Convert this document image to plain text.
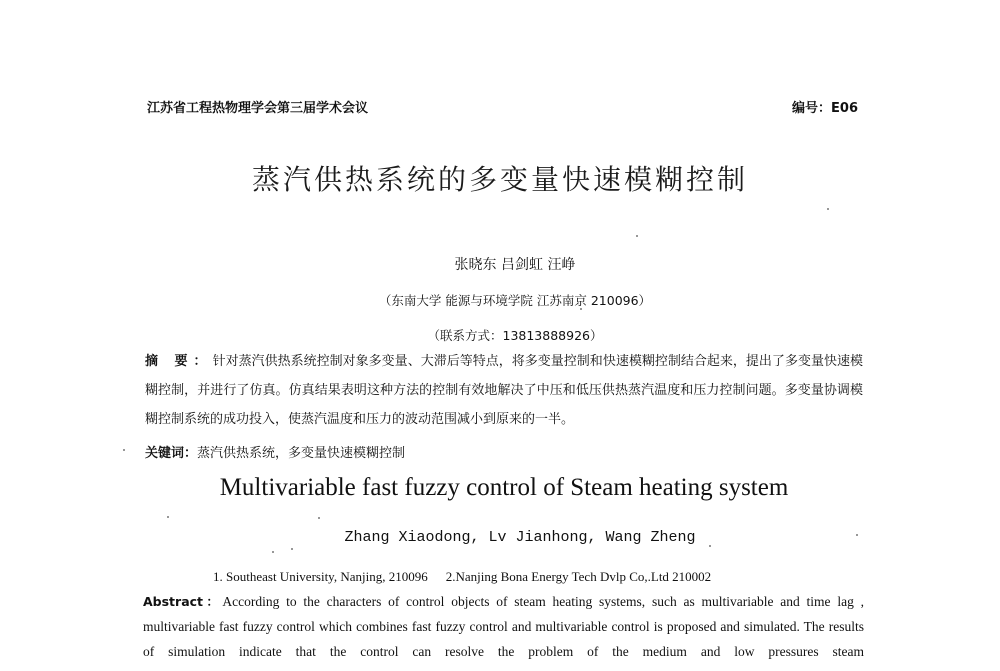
江苏省工程热物理学会第三届学术会议	编号：E06
蒸汽供热系统的多变量快速模糊控制
张晓东 吕剑虹 汪峥
（东南大学 能源与环境学院 江苏南京 210096）
（联系方式：13813888926）
摘 要：针对蒸汽供热系统控制对象多变量、大滞后等特点，将多变量控制和快速模糊控制结合起来，提出了多变量快速模糊控制，并进行了仿真。仿真结果表明这种方法的控制有效地解决了中压和低压供热蒸汽温度和压力控制问题。多变量协调模糊控制系统的成功投入，使蒸汽温度和压力的波动范围减小到原来的一半。
关键词：蒸汽供热系统，多变量快速模糊控制
Multivariable fast fuzzy control of Steam heating system
Zhang Xiaodong, Lv Jianhong, Wang Zheng
1. Southeast University, Nanjing, 210096 2.Nanjing Bona Energy Tech Dvlp Co,.Ltd 210002
Abstract：According to the characters of control objects of steam heating systems, such as multivariable and time lag , multivariable fast fuzzy control which combines fast fuzzy control and multivariable control is proposed and simulated. The results of simulation indicate that the control can resolve the problem of the medium and low pressures steam
